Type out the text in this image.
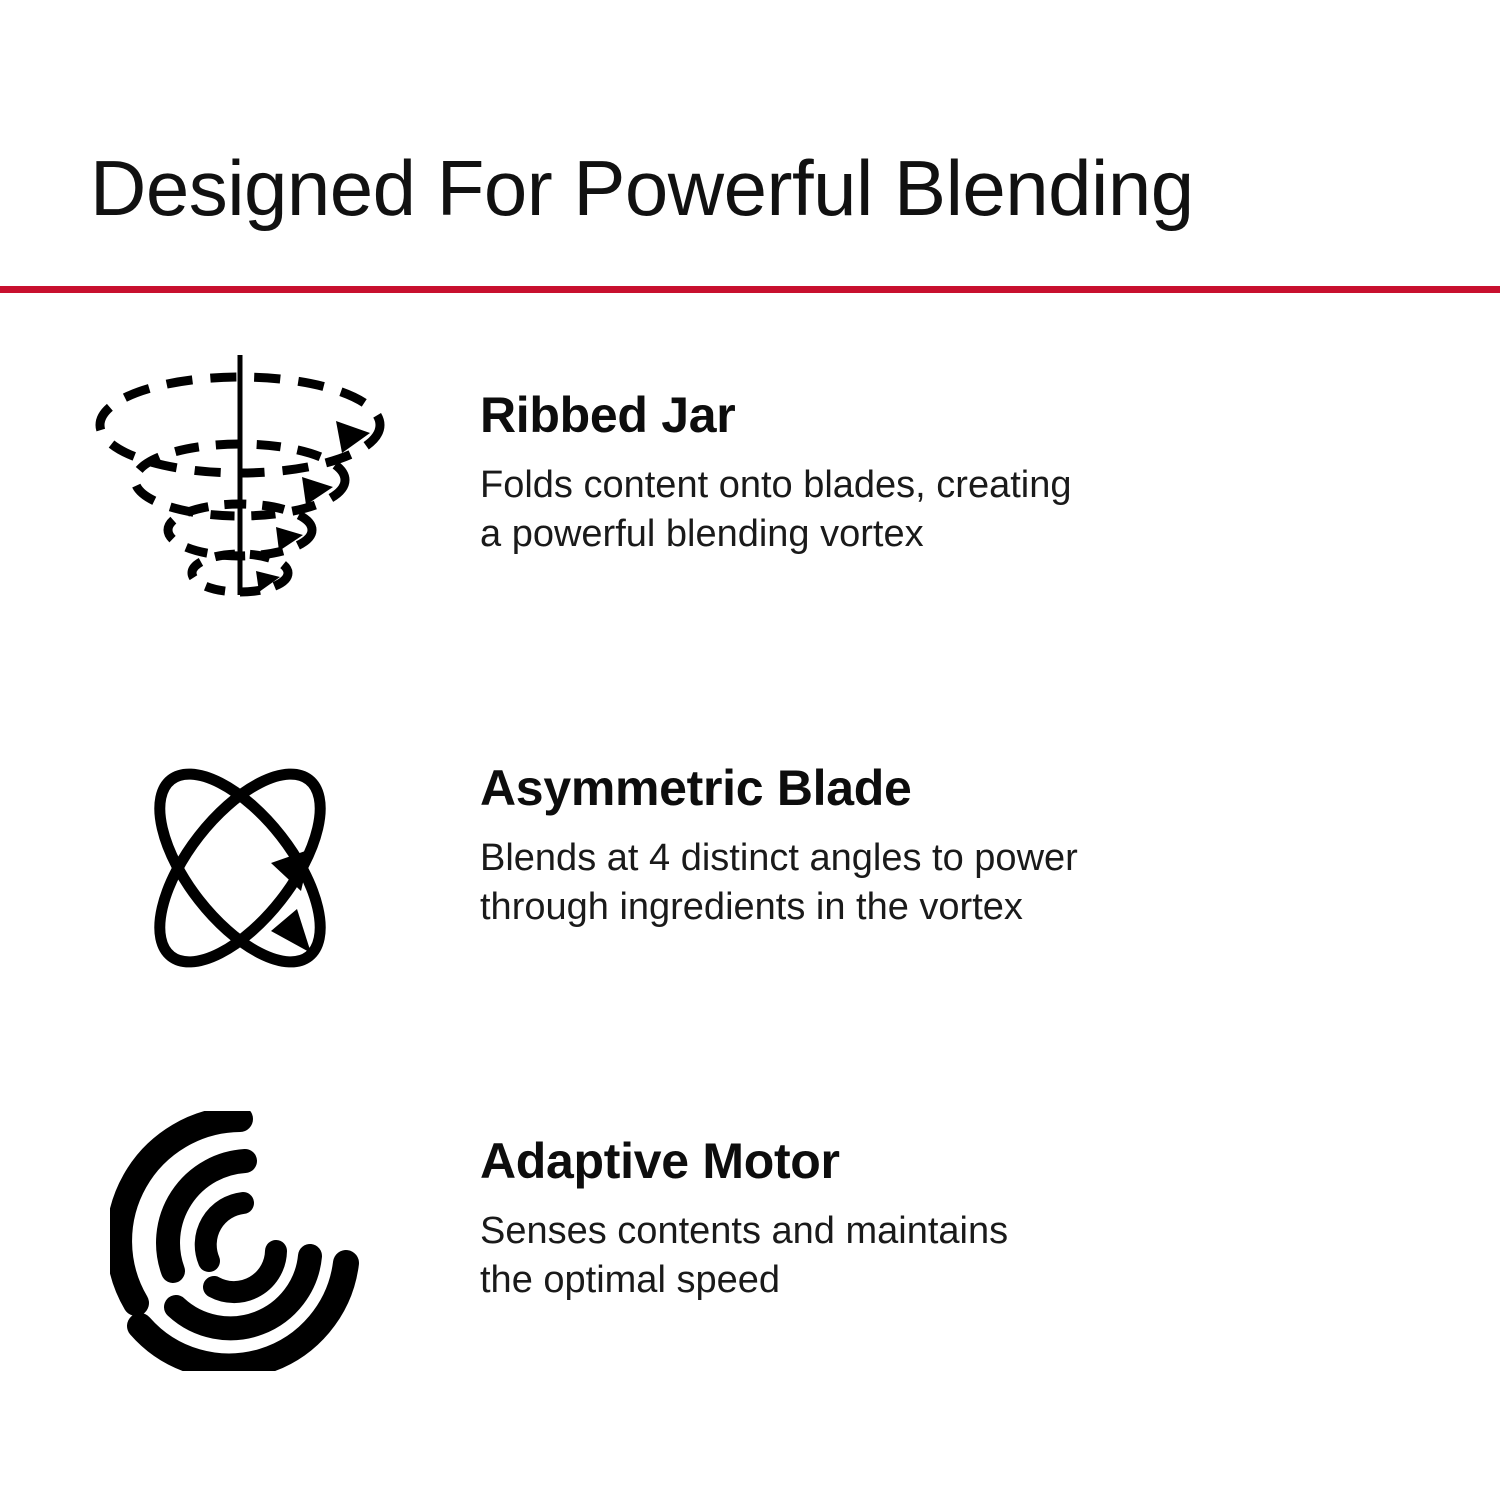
Designed For Powerful Blending
Ribbed Jar

Folds content onto blades, creating
a powerful blending vortex

Asymmetric Blade

Blends at 4 distinct angles to power
through ingredients in the vortex

Adaptive Motor

Senses contents and maintains
the optimal speed
